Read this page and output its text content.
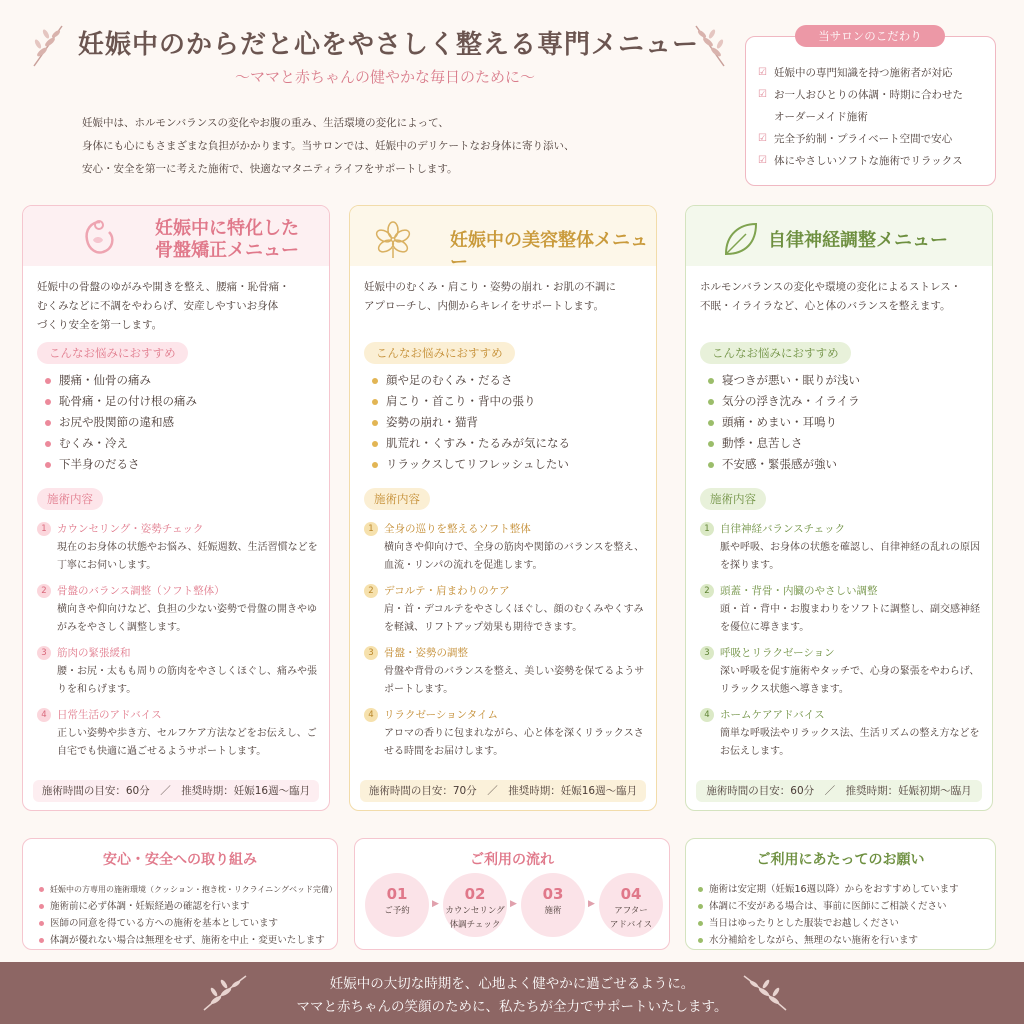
妊娠中のからだと心をやさしく整える専門メニュー
〜ママと赤ちゃんの健やかな毎日のために〜
妊娠中は、ホルモンバランスの変化やお腹の重み、生活環境の変化によって、
身体にも心にもさまざまな負担がかかります。当サロンでは、妊娠中のデリケートなお身体に寄り添い、
安心・安全を第一に考えた施術で、快適なマタニティライフをサポートします。
当サロンのこだわり
☑ 妊娠中の専門知識を持つ施術者が対応
☑ お一人おひとりの体調・時期に合わせた
オーダーメイド施術
☑ 完全予約制・プライベート空間で安心
☑ 体にやさしいソフトな施術でリラックス
妊娠中に特化した
骨盤矯正メニュー
妊娠中の骨盤のゆがみや開きを整え、腰痛・恥骨痛・
むくみなどに不調をやわらげ、安産しやすいお身体
づくり安全を第一します。
こんなお悩みにおすすめ
腰痛・仙骨の痛み
恥骨痛・足の付け根の痛み
お尻や股関節の違和感
むくみ・冷え
下半身のだるさ
施術内容
1 カウンセリング・姿勢チェック
現在のお身体の状態やお悩み、妊娠週数、生活習慣などを丁寧にお伺いします。
2 骨盤のバランス調整（ソフト整体）
横向きや仰向けなど、負担の少ない姿勢で骨盤の開きやゆがみをやさしく調整します。
3 筋肉の緊張緩和
腰・お尻・太もも周りの筋肉をやさしくほぐし、痛みや張りを和らげます。
4 日常生活のアドバイス
正しい姿勢や歩き方、セルフケア方法などをお伝えし、ご自宅でも快適に過ごせるようサポートします。
施術時間の目安：60分　／　推奨時期：妊娠16週〜臨月
妊娠中の美容整体メニュー
妊娠中のむくみ・肩こり・姿勢の崩れ・お肌の不調に
アプローチし、内側からキレイをサポートします。
こんなお悩みにおすすめ
顔や足のむくみ・だるさ
肩こり・首こり・背中の張り
姿勢の崩れ・猫背
肌荒れ・くすみ・たるみが気になる
リラックスしてリフレッシュしたい
施術内容
1 全身の巡りを整えるソフト整体
横向きや仰向けで、全身の筋肉や関節のバランスを整え、血流・リンパの流れを促進します。
2 デコルテ・肩まわりのケア
肩・首・デコルテをやさしくほぐし、顔のむくみやくすみを軽減、リフトアップ効果も期待できます。
3 骨盤・姿勢の調整
骨盤や背骨のバランスを整え、美しい姿勢を保てるようサポートします。
4 リラクゼーションタイム
アロマの香りに包まれながら、心と体を深くリラックスさせる時間をお届けします。
施術時間の目安：70分　／　推奨時期：妊娠16週〜臨月
自律神経調整メニュー
ホルモンバランスの変化や環境の変化によるストレス・
不眠・イライラなど、心と体のバランスを整えます。
こんなお悩みにおすすめ
寝つきが悪い・眠りが浅い
気分の浮き沈み・イライラ
頭痛・めまい・耳鳴り
動悸・息苦しさ
不安感・緊張感が強い
施術内容
1 自律神経バランスチェック
脈や呼吸、お身体の状態を確認し、自律神経の乱れの原因を探ります。
2 頭蓋・背骨・内臓のやさしい調整
頭・首・背中・お腹まわりをソフトに調整し、副交感神経を優位に導きます。
3 呼吸とリラクゼーション
深い呼吸を促す施術やタッチで、心身の緊張をやわらげ、リラックス状態へ導きます。
4 ホームケアアドバイス
簡単な呼吸法やリラックス法、生活リズムの整え方などをお伝えします。
施術時間の目安：60分　／　推奨時期：妊娠初期〜臨月
安心・安全への取り組み
妊娠中の方専用の施術環境（クッション・抱き枕・リクライニングベッド完備）
施術前に必ず体調・妊娠経過の確認を行います
医師の同意を得ている方への施術を基本としています
体調が優れない場合は無理をせず、施術を中止・変更いたします
ご利用の流れ
01
ご予約
▶
02
カウンセリング
体調チェック
▶
03
施術
▶
04
アフター
アドバイス
ご利用にあたってのお願い
施術は安定期（妊娠16週以降）からをおすすめしています
体調に不安がある場合は、事前に医師にご相談ください
当日はゆったりとした服装でお越しください
水分補給をしながら、無理のない施術を行います
妊娠中の大切な時期を、心地よく健やかに過ごせるように。
ママと赤ちゃんの笑顔のために、私たちが全力でサポートいたします。
